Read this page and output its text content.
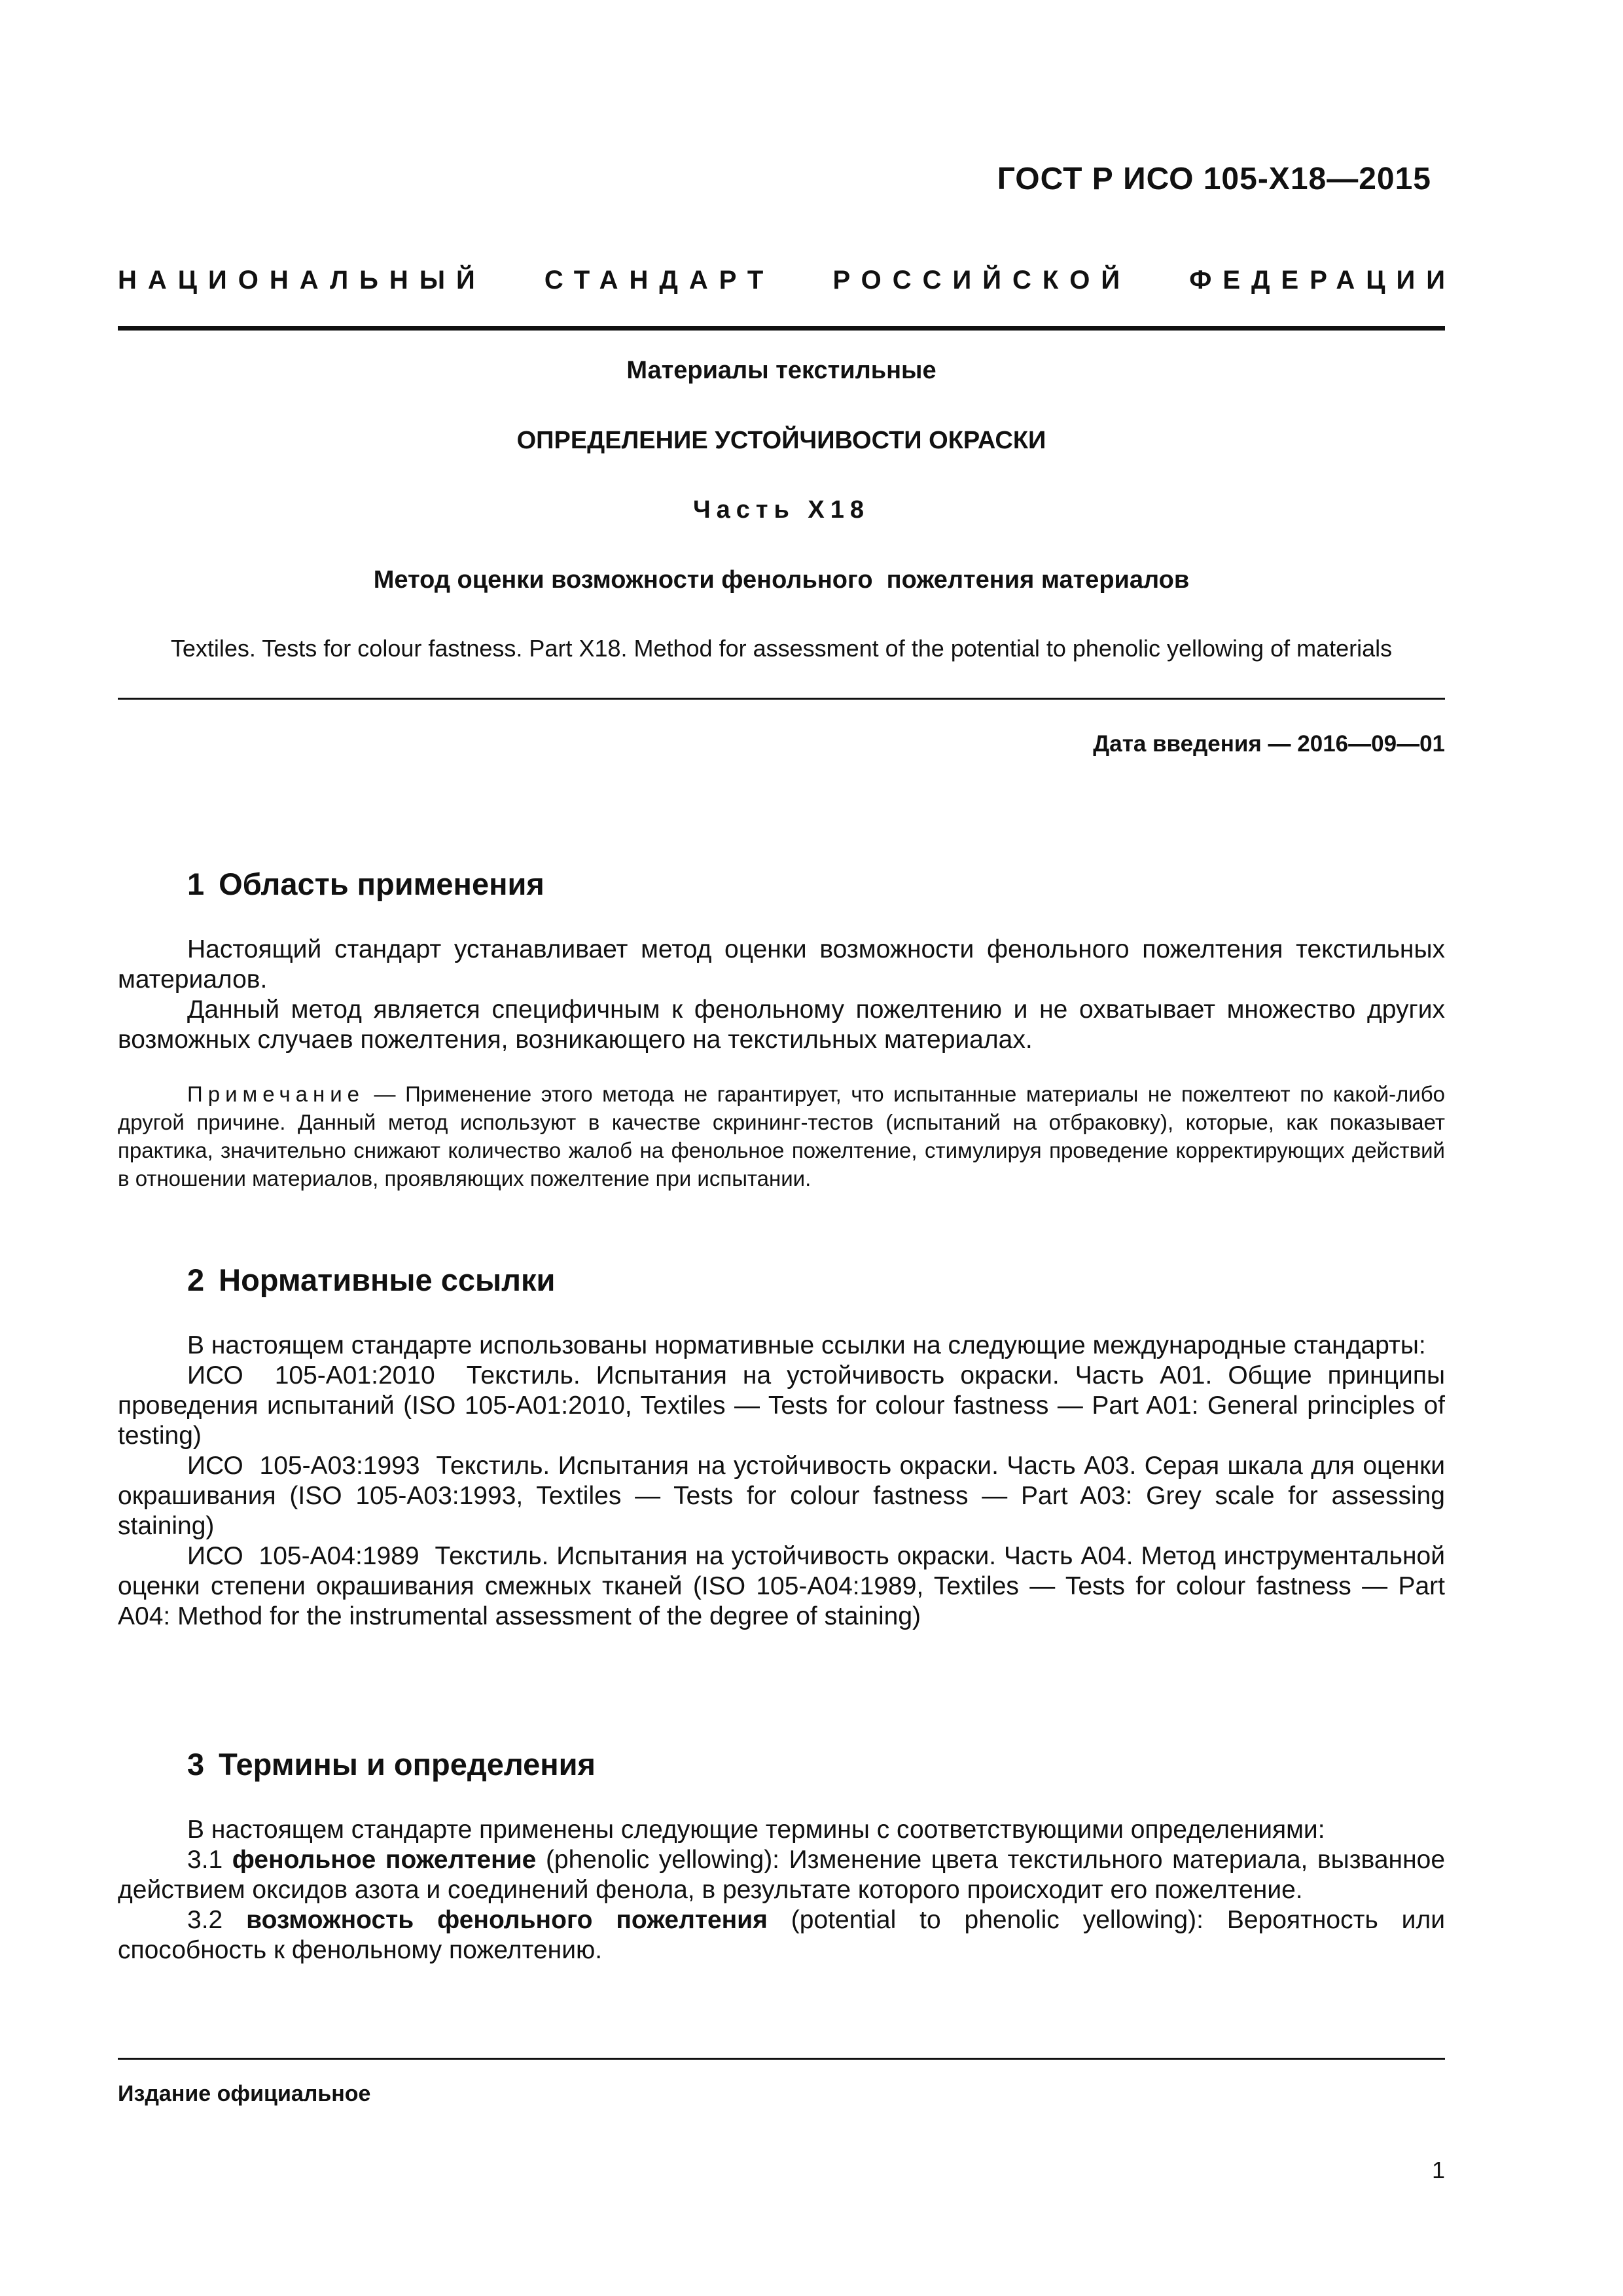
ГОСТ Р ИСО 105-Х18—2015
НАЦИОНАЛЬНЫЙ СТАНДАРТ РОССИЙСКОЙ ФЕДЕРАЦИИ
Материалы текстильные
ОПРЕДЕЛЕНИЕ УСТОЙЧИВОСТИ ОКРАСКИ
Часть Х18
Метод оценки возможности фенольного  пожелтения материалов
Textiles. Tests for colour fastness. Part X18. Method for assessment of the potential to phenolic yellowing of materials
Дата введения — 2016—09—01
1 Область применения

Настоящий стандарт устанавливает метод оценки возможности фенольного пожелтения текстильных материалов.

Данный метод является специфичным к фенольному пожелтению и не охватывает множество других возможных случаев пожелтения, возникающего на текстильных материалах.

Примечание — Применение этого метода не гарантирует, что испытанные материалы не пожелтеют по какой-либо другой причине. Данный метод используют в качестве скрининг-тестов (испытаний на отбраковку), которые, как показывает практика, значительно снижают количество жалоб на фенольное пожелтение, стимулируя проведение корректирующих действий в отношении материалов, проявляющих пожелтение при испытании.

2 Нормативные ссылки

В настоящем стандарте использованы нормативные ссылки на следующие международные стандарты:

ИСО  105-А01:2010  Текстиль. Испытания на устойчивость окраски. Часть А01. Общие принципы проведения испытаний (ISO 105-A01:2010, Textiles — Tests for colour fastness — Part A01: General principles of testing)

ИСО  105-А03:1993  Текстиль. Испытания на устойчивость окраски. Часть А03. Серая шкала для оценки окрашивания (ISO 105-A03:1993, Textiles — Tests for colour fastness — Part A03: Grey scale for assessing staining)

ИСО  105-А04:1989  Текстиль. Испытания на устойчивость окраски. Часть А04. Метод инструментальной оценки степени окрашивания смежных тканей (ISO 105-A04:1989, Textiles — Tests for colour fastness — Part A04: Method for the instrumental assessment of the degree of staining)

3 Термины и определения

В настоящем стандарте применены следующие термины с соответствующими определениями:

3.1 фенольное пожелтение (phenolic yellowing): Изменение цвета текстильного материала, вызванное действием оксидов азота и соединений фенола, в результате которого происходит его пожелтение.

3.2 возможность фенольного пожелтения (potential to phenolic yellowing): Вероятность или способность к фенольному пожелтению.

Издание официальное
1
